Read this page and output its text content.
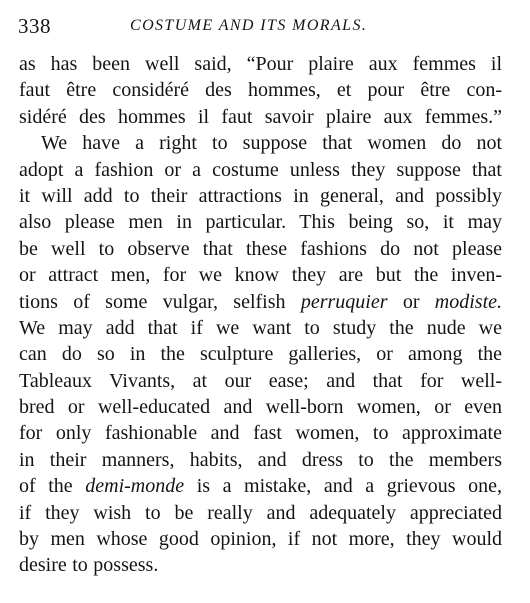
338	COSTUME AND ITS MORALS.
as has been well said, “Pour plaire aux femmes il
faut être considéré des hommes, et pour être con-
sidéré des hommes il faut savoir plaire aux femmes.”
We have a right to suppose that women do not
adopt a fashion or a costume unless they suppose that
it will add to their attractions in general, and possibly
also please men in particular. This being so, it may
be well to observe that these fashions do not please
or attract men, for we know they are but the inven-
tions of some vulgar, selfish perruquier or modiste.
We may add that if we want to study the nude we
can do so in the sculpture galleries, or among the
Tableaux Vivants, at our ease; and that for well-
bred or well-educated and well-born women, or even
for only fashionable and fast women, to approximate
in their manners, habits, and dress to the members
of the demi-monde is a mistake, and a grievous one,
if they wish to be really and adequately appreciated
by men whose good opinion, if not more, they would
desire to possess.
